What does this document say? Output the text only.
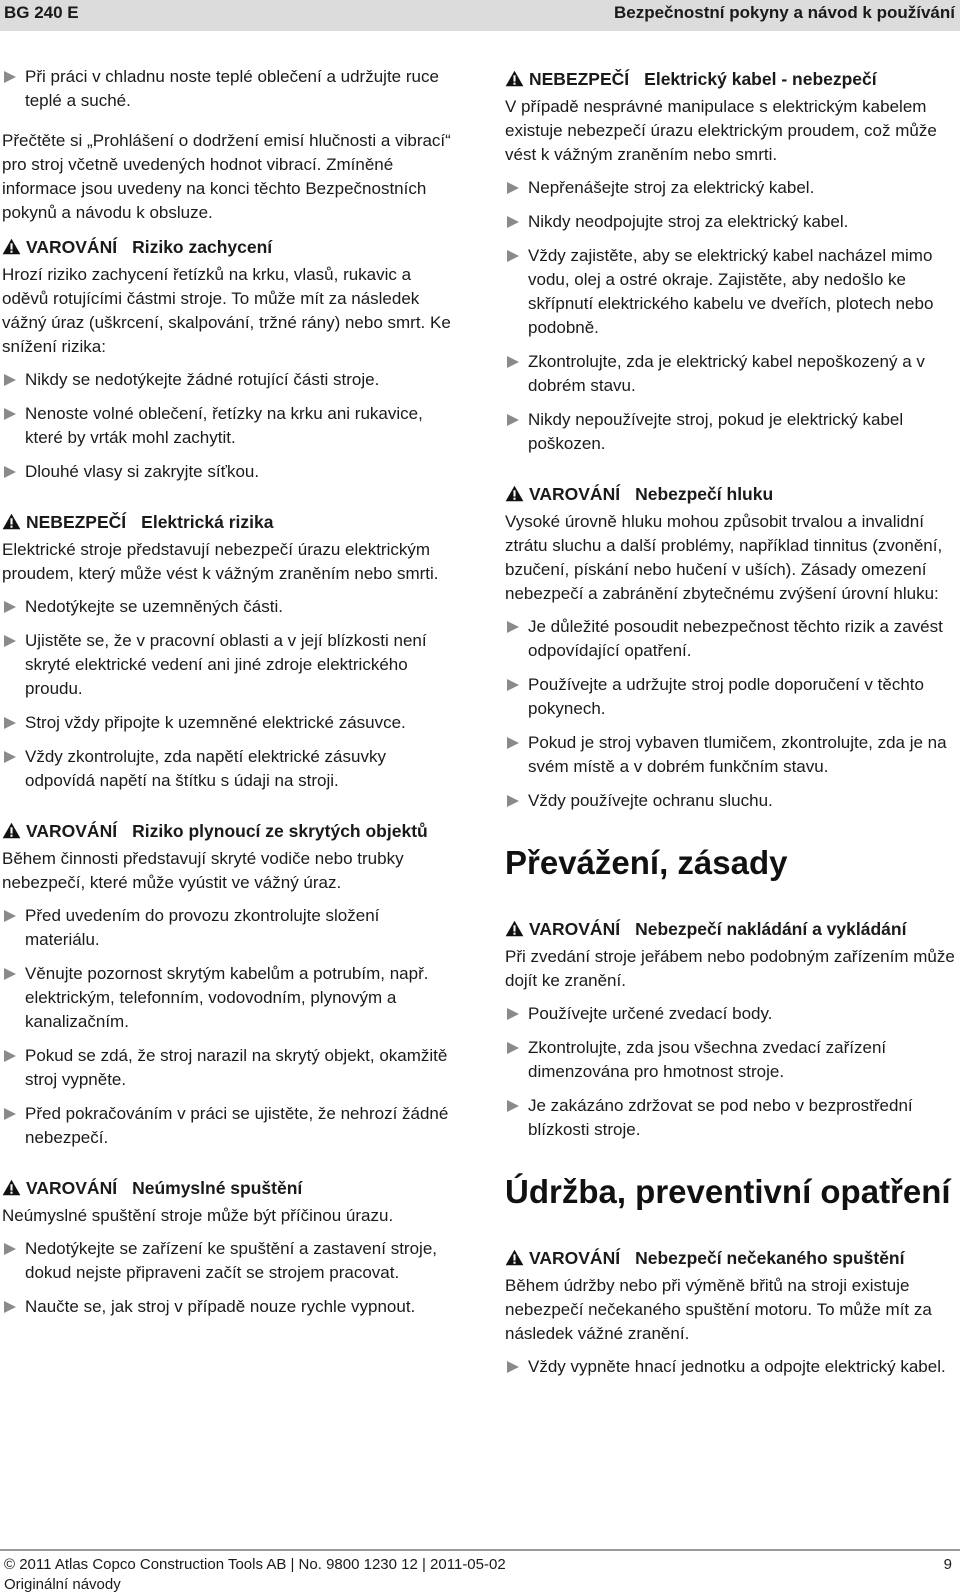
BG 240 E	Bezpečnostní pokyny a návod k používání
Při práci v chladnu noste teplé oblečení a udržujte ruce teplé a suché.

Přečtěte si „Prohlášení o dodržení emisí hlučnosti a vibrací“ pro stroj včetně uvedených hodnot vibrací. Zmíněné informace jsou uvedeny na konci těchto Bezpečnostních pokynů a návodu k obsluze.

VAROVÁNÍ Riziko zachycení

Hrozí riziko zachycení řetízků na krku, vlasů, rukavic a oděvů rotujícími částmi stroje. To může mít za následek vážný úraz (uškrcení, skalpování, tržné rány) nebo smrt. Ke snížení rizika:

Nikdy se nedotýkejte žádné rotující části stroje.
Nenoste volné oblečení, řetízky na krku ani rukavice, které by vrták mohl zachytit.
Dlouhé vlasy si zakryjte síťkou.
NEBEZPEČÍ Elektrická rizika

Elektrické stroje představují nebezpečí úrazu elektrickým proudem, který může vést k vážným zraněním nebo smrti.

Nedotýkejte se uzemněných části.
Ujistěte se, že v pracovní oblasti a v její blízkosti není skryté elektrické vedení ani jiné zdroje elektrického proudu.
Stroj vždy připojte k uzemněné elektrické zásuvce.
Vždy zkontrolujte, zda napětí elektrické zásuvky odpovídá napětí na štítku s údaji na stroji.
VAROVÁNÍ Riziko plynoucí ze skrytých objektů

Během činnosti představují skryté vodiče nebo trubky nebezpečí, které může vyústit ve vážný úraz.

Před uvedením do provozu zkontrolujte složení materiálu.
Věnujte pozornost skrytým kabelům a potrubím, např. elektrickým, telefonním, vodovodním, plynovým a kanalizačním.
Pokud se zdá, že stroj narazil na skrytý objekt, okamžitě stroj vypněte.
Před pokračováním v práci se ujistěte, že nehrozí žádné nebezpečí.
VAROVÁNÍ Neúmyslné spuštění

Neúmyslné spuštění stroje může být příčinou úrazu.

Nedotýkejte se zařízení ke spuštění a zastavení stroje, dokud nejste připraveni začít se strojem pracovat.
Naučte se, jak stroj v případě nouze rychle vypnout.
NEBEZPEČÍ Elektrický kabel - nebezpečí

V případě nesprávné manipulace s elektrickým kabelem existuje nebezpečí úrazu elektrickým proudem, což může vést k vážným zraněním nebo smrti.

Nepřenášejte stroj za elektrický kabel.
Nikdy neodpojujte stroj za elektrický kabel.
Vždy zajistěte, aby se elektrický kabel nacházel mimo vodu, olej a ostré okraje. Zajistěte, aby nedošlo ke skřípnutí elektrického kabelu ve dveřích, plotech nebo podobně.
Zkontrolujte, zda je elektrický kabel nepoškozený a v dobrém stavu.
Nikdy nepoužívejte stroj, pokud je elektrický kabel poškozen.
VAROVÁNÍ Nebezpečí hluku

Vysoké úrovně hluku mohou způsobit trvalou a invalidní ztrátu sluchu a další problémy, například tinnitus (zvonění, bzučení, pískání nebo hučení v uších). Zásady omezení nebezpečí a zabránění zbytečnému zvýšení úrovní hluku:

Je důležité posoudit nebezpečnost těchto rizik a zavést odpovídající opatření.
Používejte a udržujte stroj podle doporučení v těchto pokynech.
Pokud je stroj vybaven tlumičem, zkontrolujte, zda je na svém místě a v dobrém funkčním stavu.
Vždy používejte ochranu sluchu.
Převážení, zásady
VAROVÁNÍ Nebezpečí nakládání a vykládání

Při zvedání stroje jeřábem nebo podobným zařízením může dojít ke zranění.

Používejte určené zvedací body.
Zkontrolujte, zda jsou všechna zvedací zařízení dimenzována pro hmotnost stroje.
Je zakázáno zdržovat se pod nebo v bezprostřední blízkosti stroje.
Údržba, preventivní opatření
VAROVÁNÍ Nebezpečí nečekaného spuštění

Během údržby nebo při výměně břitů na stroji existuje nebezpečí nečekaného spuštění motoru. To může mít za následek vážné zranění.

Vždy vypněte hnací jednotku a odpojte elektrický kabel.
© 2011 Atlas Copco Construction Tools AB | No. 9800 1230 12 | 2011-05-02
Originální návody
9
